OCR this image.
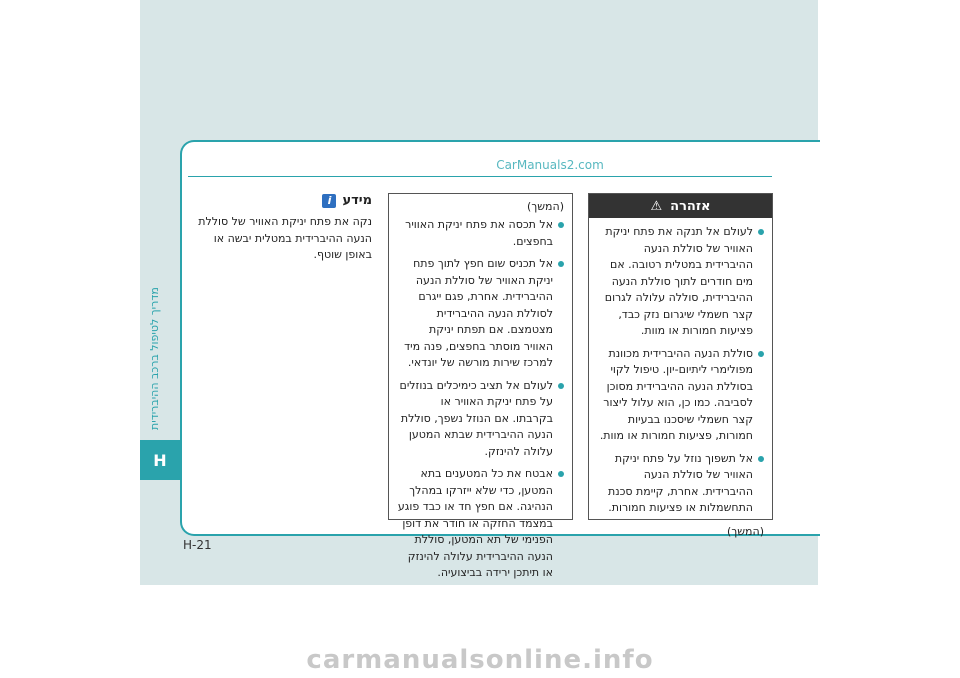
מדריך לטיפול ברכב ההיברידית
H
CarManuals2.com
מידע
i
נקה את פתח יניקת האוויר של סוללת הנעה ההיברידית במטלית יבשה או באופן שוטף.
(המשך)
אל תכסה את פתח יניקת האוויר בחפצים.
אל תכניס שום חפץ לתוך פתח יניקת האוויר של סוללת הנעה ההיברידית. אחרת, פגם ייגרם לסוללת הנעה ההיברידית מצטמצם. אם תפתח יניקת האוויר מוסתר בחפצים, פנה מיד למרכז שירות מורשה של יונדאי.
לעולם אל תציב כימיכלים בנוזלים על פתח יניקת האוויר או בקרבתו. אם הנוזל נשפך, סוללת הנעה ההיברידית שבתא המטען עלולה להינזק.
אבטח את כל המטענים בתא המטען, כדי שלא ייזרקו במהלך הנהיגה. אם חפץ חד או כבד פוגע במצמד החזקה או חודר את דופן הפנימי של תא המטען, סוללת הנעה ההיברידית עלולה להינזק או תיתכן ירידה בביצועיה.
אזהרה
⚠
לעולם אל תנקה את פתח יניקת האוויר של סוללת הנעה ההיברידית במטלית רטובה. אם מים חודרים לתוך סוללת הנעה ההיברידית, סוללה עלולה לגרום קצר חשמלי שיגרום נזק כבד, פציעות חמורות או מוות.
סוללת הנעה ההיברידית מכוונת מפולימרי ליתיום-יון. טיפול לקוי בסוללת הנעה ההיברידית מסוכן לסביבה. כמו כן, הוא עלול ליצור קצר חשמלי שיסכנו בבעיות חמורות, פציעות חמורות או מוות.
אל תשפוך נוזל על פתח יניקת האוויר של סוללת הנעה ההיברידית. אחרת, קיימת סכנת התחשמלות או פציעות חמורות.
(המשך)
H-21
carmanualsonline.info
